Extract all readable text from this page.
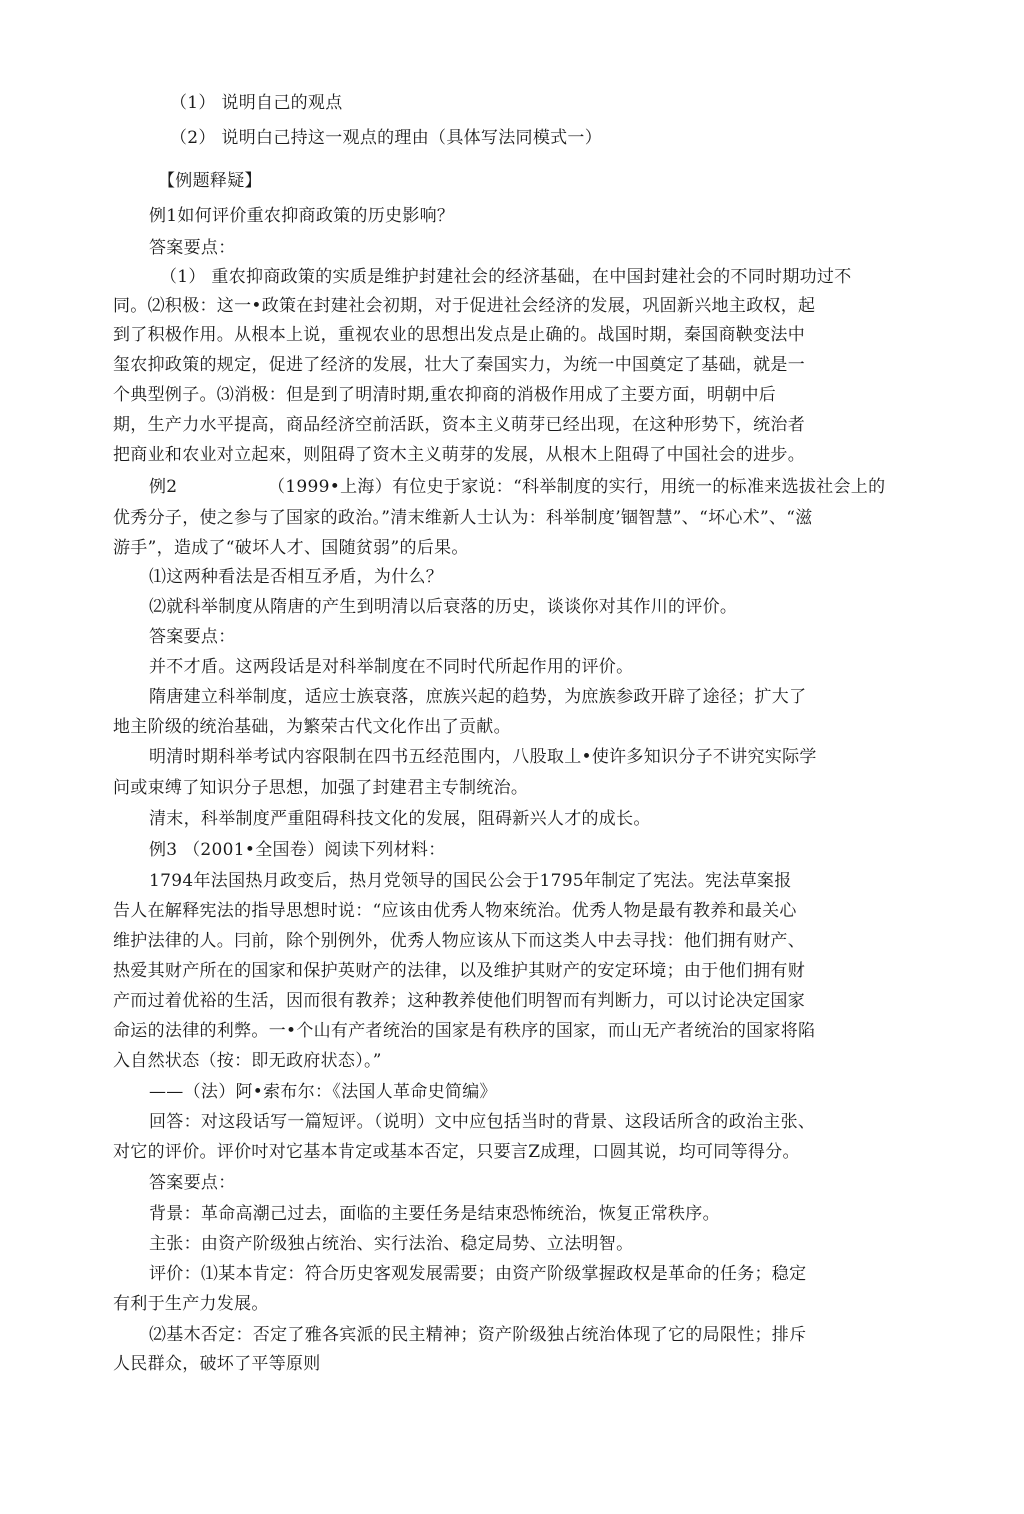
（1） 说明自己的观点
（2） 说明白己持这一观点的理由（具体写法同模式一）
【例题释疑】
例1如何评价重农抑商政策的历史影响？
答案要点：
（1） 重农抑商政策的实质是维护封建社会的经济基础，在中国封建社会的不同时期功过不
同。⑵积极：这一•政策在封建社会初期，对于促进社会经济的发展，巩固新兴地主政权，起
到了积极作用。从根本上说，重视农业的思想出发点是止确的。战国时期，秦国商鞅变法中
玺农抑政策的规定，促进了经济的发展，壮大了秦国实力，为统一中国奠定了基础，就是一
个典型例子。⑶消极：但是到了明清时期,重农抑商的消极作用成了主要方面，明朝中后
期，生产力水平提高，商品经济空前活跃，资本主义萌芽已经出现，在这种形势下，统治者
把商业和农业对立起來，则阻碍了资木主义萌芽的发展，从根木上阻碍了中国社会的进步。
例2	（1999•上海）有位史于家说：“科举制度的实行，用统一的标准来选拔社会上的
优秀分子，使之参与了国家的政治。”清末维新人士认为：科举制度’锢智慧”、“坏心术”、“滋
游手”，造成了“破坏人才、国随贫弱”的后果。
⑴这两种看法是否相互矛盾，为什么？
⑵就科举制度从隋唐的产生到明清以后衰落的历史，谈谈你对其作川的评价。
答案要点：
并不才盾。这两段话是对科举制度在不同时代所起作用的评价。
隋唐建立科举制度，适应士族衰落，庶族兴起的趋势，为庶族参政开辟了途径；扩大了
地主阶级的统治基础，为繁荣古代文化作出了贡献。
明清时期科举考试内容限制在四书五经范围内，八股取丄•使许多知识分子不讲究实际学
问或束缚了知识分子思想，加强了封建君主专制统治。
清末，科举制度严重阻碍科技文化的发展，阻碍新兴人才的成长。
例3 （2001•全国卷）阅读下列材料：
1794年法国热月政变后，热月党领导的国民公会于1795年制定了宪法。宪法草案报
告人在解释宪法的指导思想时说：“应该由优秀人物來统治。优秀人物是最有教养和最关心
维护法律的人。冃前，除个别例外，优秀人物应该从下而这类人中去寻找：他们拥有财产、
热爱其财产所在的国家和保护英财产的法律，以及维护其财产的安定环境；由于他们拥有财
产而过着优裕的生活，因而很有教养；这种教养使他们明智而有判断力，可以讨论决定国家
命运的法律的利弊。一•个山有产者统治的国家是有秩序的国家，而山无产者统治的国家将陷
入自然状态（按：即无政府状态）。”
——（法）阿•索布尔：《法国人革命史简编》
回答：对这段话写一篇短评。（说明）文中应包括当时的背景、这段话所含的政治主张、
对它的评价。评价吋对它基本肯定或基本否定，只要言Z成理，口圆其说，均可同等得分。
答案要点：
背景：革命高潮己过去，面临的主要任务是结束恐怖统治，恢复正常秩序。
主张：由资产阶级独占统治、实行法治、稳定局势、立法明智。
评价：⑴某本肯定：符合历史客观发展需要；由资产阶级掌握政权是革命的任务；稳定
有利于生产力发展。
⑵基木否定：否定了雅各宾派的民主精神；资产阶级独占统治体现了它的局限性；排斥
人民群众，破坏了平等原则
